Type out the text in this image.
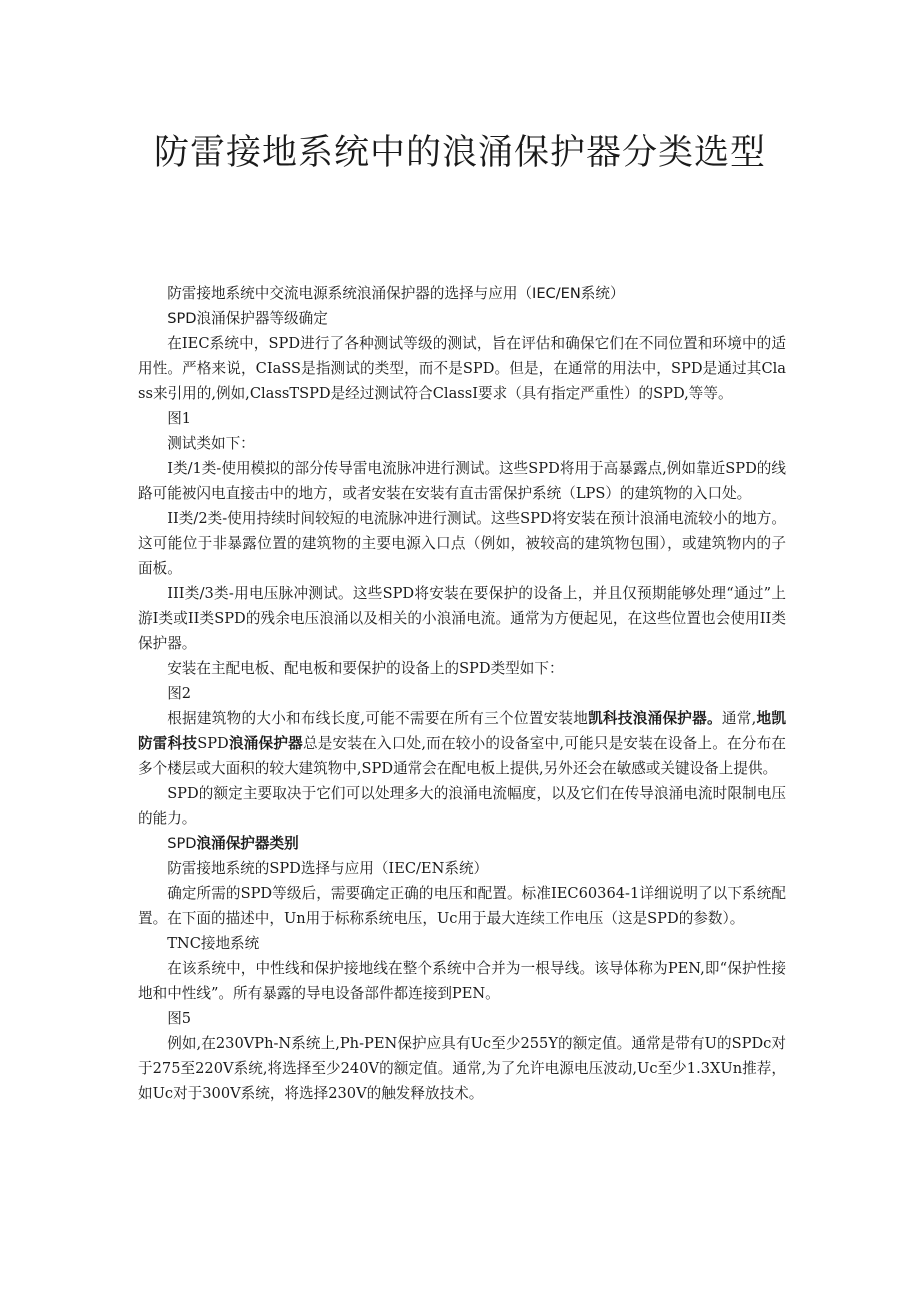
防雷接地系统中的浪涌保护器分类选型

防雷接地系统中交流电源系统浪涌保护器的选择与应用（IEC/EN系统）

SPD浪涌保护器等级确定

在IEC系统中，SPD进行了各种测试等级的测试，旨在评估和确保它们在不同位置和环境中的适用性。严格来说，CIaSS是指测试的类型，而不是SPD。但是，在通常的用法中，SPD是通过其Class来引用的,例如,ClassTSPD是经过测试符合ClassI要求（具有指定严重性）的SPD,等等。

图1

测试类如下：

I类/1类-使用模拟的部分传导雷电流脉冲进行测试。这些SPD将用于高暴露点,例如靠近SPD的线路可能被闪电直接击中的地方，或者安装在安装有直击雷保护系统（LPS）的建筑物的入口处。

II类/2类-使用持续时间较短的电流脉冲进行测试。这些SPD将安装在预计浪涌电流较小的地方。这可能位于非暴露位置的建筑物的主要电源入口点（例如，被较高的建筑物包围），或建筑物内的子面板。

III类/3类-用电压脉冲测试。这些SPD将安装在要保护的设备上，并且仅预期能够处理“通过”上游I类或II类SPD的残余电压浪涌以及相关的小浪涌电流。通常为方便起见，在这些位置也会使用II类保护器。

安装在主配电板、配电板和要保护的设备上的SPD类型如下：

图2

根据建筑物的大小和布线长度,可能不需要在所有三个位置安装地凯科技浪涌保护器。通常,地凯防雷科技SPD浪涌保护器总是安装在入口处,而在较小的设备室中,可能只是安装在设备上。在分布在多个楼层或大面积的较大建筑物中,SPD通常会在配电板上提供,另外还会在敏感或关键设备上提供。

SPD的额定主要取决于它们可以处理多大的浪涌电流幅度，以及它们在传导浪涌电流时限制电压的能力。

SPD浪涌保护器类别

防雷接地系统的SPD选择与应用（IEC/EN系统）

确定所需的SPD等级后，需要确定正确的电压和配置。标准IEC60364-1详细说明了以下系统配置。在下面的描述中，Un用于标称系统电压，Uc用于最大连续工作电压（这是SPD的参数）。

TNC接地系统

在该系统中，中性线和保护接地线在整个系统中合并为一根导线。该导体称为PEN,即“保护性接地和中性线”。所有暴露的导电设备部件都连接到PEN。

图5

例如,在230VPh-N系统上,Ph-PEN保护应具有Uc至少255Y的额定值。通常是带有U的SPDc对于275至220V系统,将选择至少240V的额定值。通常,为了允许电源电压波动,Uc至少1.3XUn推荐，如Uc对于300V系统，将选择230V的触发释放技术。
